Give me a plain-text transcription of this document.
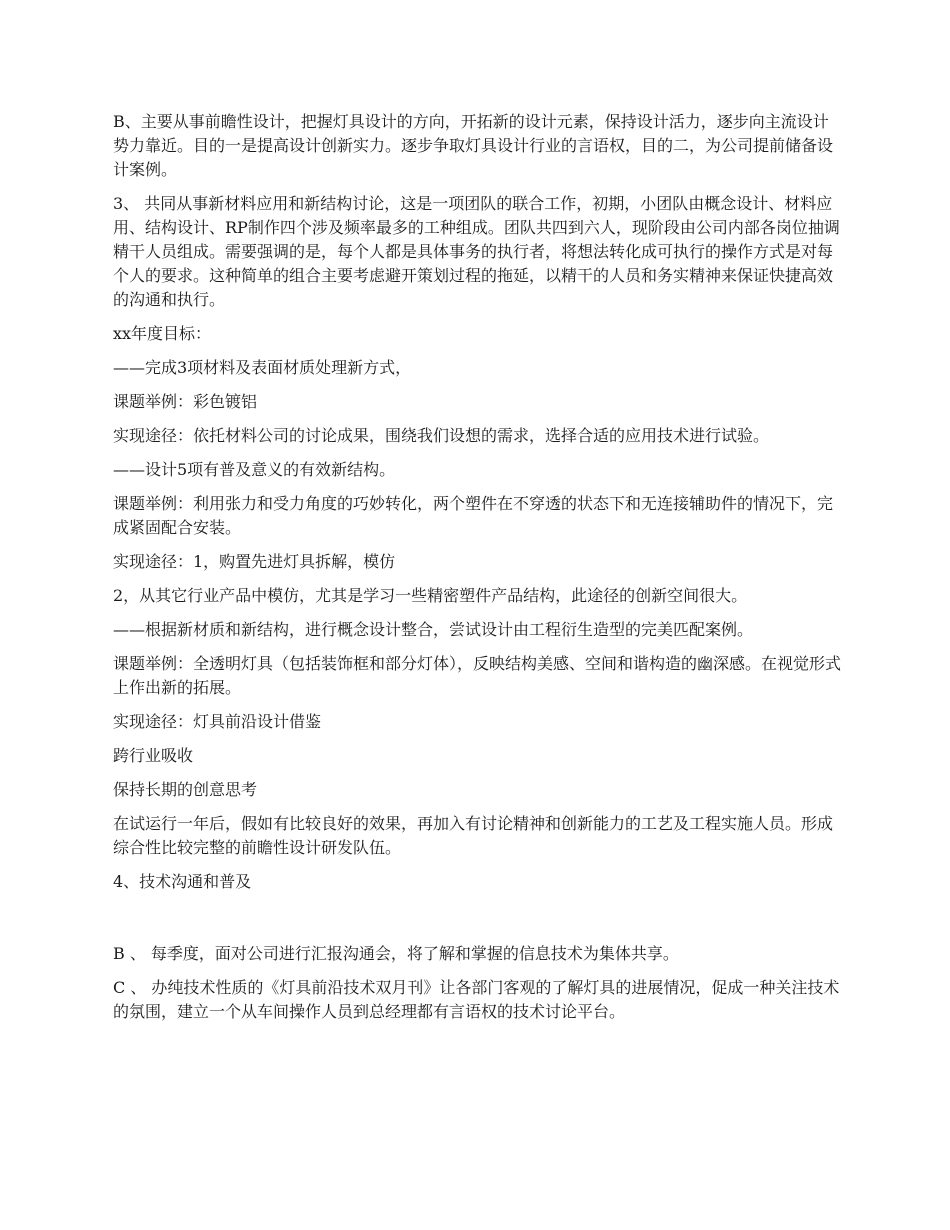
B、主要从事前瞻性设计，把握灯具设计的方向，开拓新的设计元素，保持设计活力，逐步向主流设计势力靠近。目的一是提高设计创新实力。逐步争取灯具设计行业的言语权，目的二，为公司提前储备设计案例。

3、 共同从事新材料应用和新结构讨论，这是一项团队的联合工作，初期，小团队由概念设计、材料应用、结构设计、RP制作四个涉及频率最多的工种组成。团队共四到六人，现阶段由公司内部各岗位抽调精干人员组成。需要强调的是，每个人都是具体事务的执行者，将想法转化成可执行的操作方式是对每个人的要求。这种简单的组合主要考虑避开策划过程的拖延，以精干的人员和务实精神来保证快捷高效的沟通和执行。

xx年度目标：

——完成3项材料及表面材质处理新方式，

课题举例：彩色镀铝

实现途径：依托材料公司的讨论成果，围绕我们设想的需求，选择合适的应用技术进行试验。

——设计5项有普及意义的有效新结构。

课题举例：利用张力和受力角度的巧妙转化，两个塑件在不穿透的状态下和无连接辅助件的情况下，完成紧固配合安装。

实现途径：1，购置先进灯具拆解，模仿

2，从其它行业产品中模仿，尤其是学习一些精密塑件产品结构，此途径的创新空间很大。

——根据新材质和新结构，进行概念设计整合，尝试设计由工程衍生造型的完美匹配案例。

课题举例：全透明灯具（包括装饰框和部分灯体），反映结构美感、空间和谐构造的幽深感。在视觉形式上作出新的拓展。

实现途径：灯具前沿设计借鉴

跨行业吸收

保持长期的创意思考

在试运行一年后，假如有比较良好的效果，再加入有讨论精神和创新能力的工艺及工程实施人员。形成综合性比较完整的前瞻性设计研发队伍。

4、技术沟通和普及

B 、 每季度，面对公司进行汇报沟通会，将了解和掌握的信息技术为集体共享。

C 、 办纯技术性质的《灯具前沿技术双月刊》让各部门客观的了解灯具的进展情况，促成一种关注技术的氛围，建立一个从车间操作人员到总经理都有言语权的技术讨论平台。
